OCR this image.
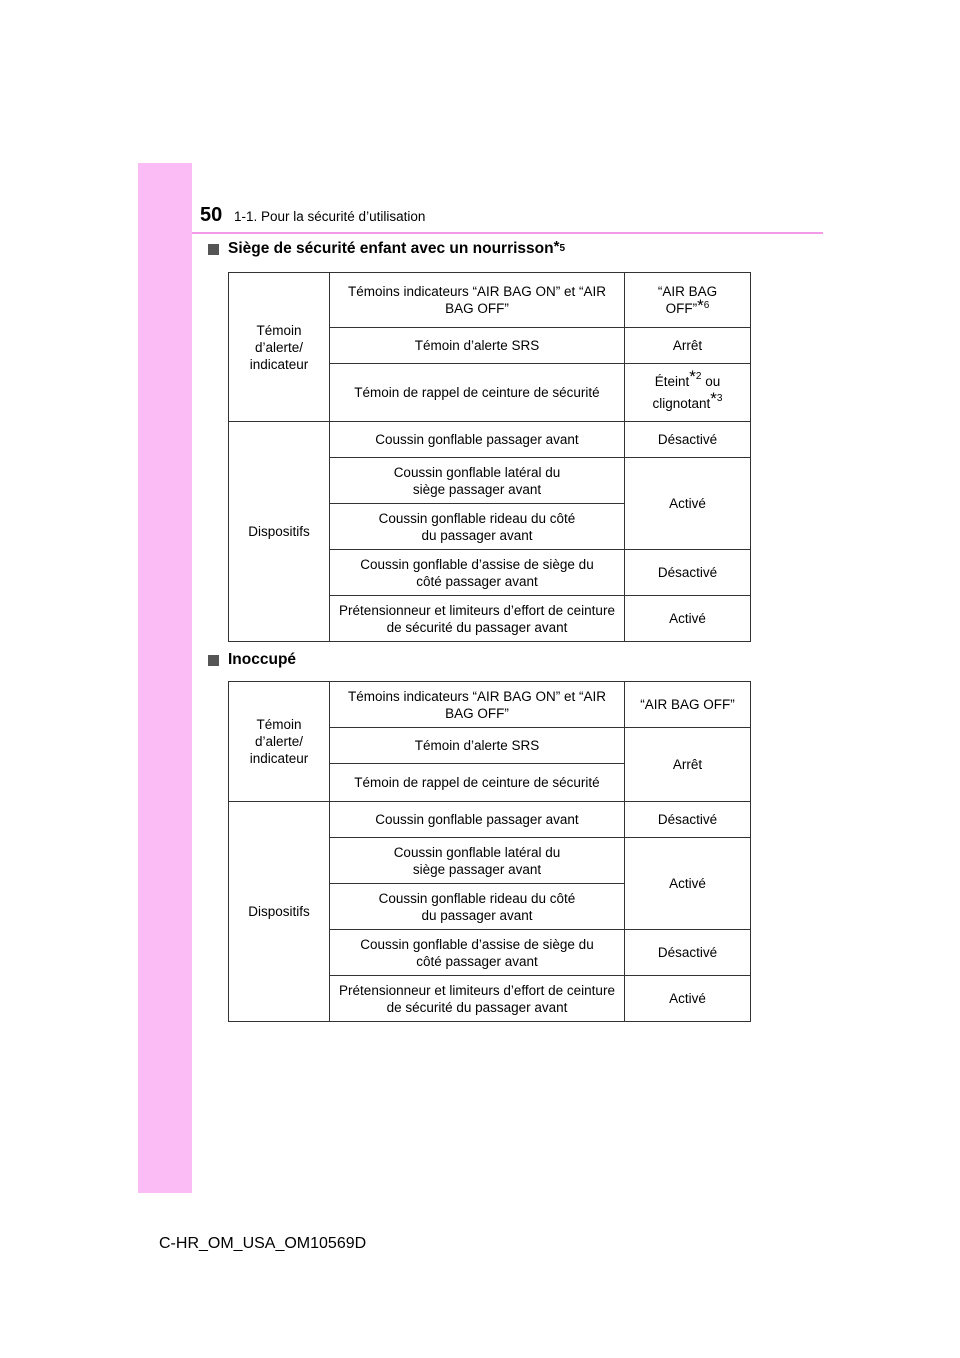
50 1-1. Pour la sécurité d’utilisation
Siège de sécurité enfant avec un nourrisson $^{*5}$
Témoin d’alerte/ indicateur	Témoins indicateurs “AIR BAG ON” et “AIR BAG OFF”	“AIR BAG OFF”*$^6$

	Témoin d’alerte SRS	Arrêt
	Témoin de rappel de ceinture de sécurité	Éteint*$^2$ ou
clignotant*$^3$
Dispositifs	Coussin gonflable passager avant	Désactivé

	Coussin gonflable latéral du siège passager avant	Activé

	Coussin gonflable rideau du côté du passager avant	

	Coussin gonflable d’assise de siège du côté passager avant	Désactivé
	Prétensionneur et limiteurs d’effort de ceinture de sécurité du passager avant	Activé
Inoccupé
Témoin d’alerte/ indicateur	Témoins indicateurs “AIR BAG ON” et “AIR BAG OFF”	“AIR BAG OFF”
	Témoin d’alerte SRS	Arrêt
	Témoin de rappel de ceinture de sécurité	
Dispositifs	Coussin gonflable passager avant	Désactivé

	Coussin gonflable latéral du siège passager avant	Activé

	Coussin gonflable rideau du côté du passager avant	

	Coussin gonflable d’assise de siège du côté passager avant	Désactivé
	Prétensionneur et limiteurs d’effort de ceinture de sécurité du passager avant	Activé
C-HR_OM_USA_OM10569D
